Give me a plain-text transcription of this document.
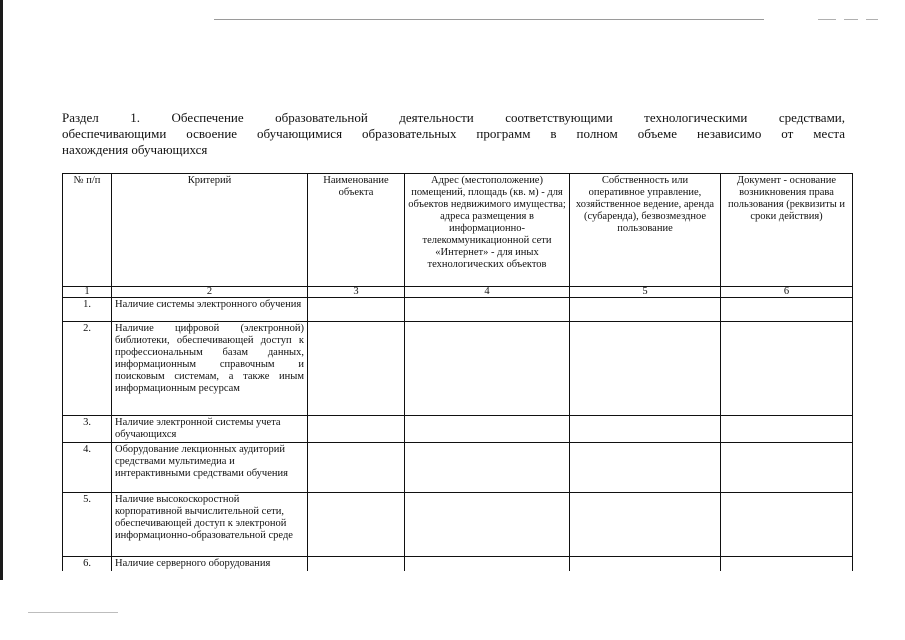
Раздел 1. Обеспечение образовательной деятельности соответствующими технологическими средствами,
обеспечивающими освоение обучающимися образовательных программ в полном объеме независимо от места
нахождения обучающихся

№ п/п	Критерий	Наименование объекта	Адрес (местоположение) помещений, площадь (кв. м) - для объектов недвижимого имущества; адреса размещения в информационно-телекоммуникационной сети «Интернет» - для иных технологических объектов	Собственность или оперативное управление, хозяйственное ведение, аренда (субаренда), безвозмездное пользование	Документ - основание возникновения права пользования (реквизиты и сроки действия)
1	2	3	4	5	6
1.	Наличие системы электронного обучения				
2.	Наличие цифровой (электронной) библиотеки, обеспечивающей доступ к профессиональным базам данных, информационным справочным и поисковым системам, а также иным информационным ресурсам				
3.	Наличие электронной системы учета обучающихся				
4.	Оборудование лекционных аудиторий средствами мультимедиа и интерактивными средствами обучения				
5.	Наличие высокоскоростной корпоративной вычислительной сети, обеспечивающей доступ к электроной информационно-образовательной среде				
6.	Наличие серверного оборудования				
